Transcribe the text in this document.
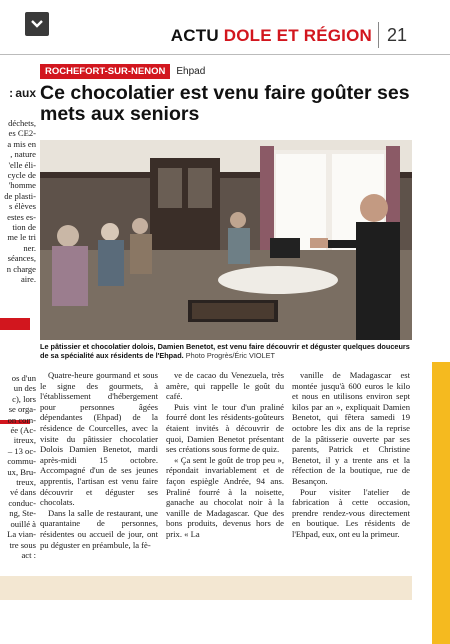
ACTU DOLE ET RÉGION 21
: aux
déchets,
es CE2-
a mis en
, nature
'elle éli-
cycle de
'homme
de plasti-
s élèves
estes es-
tion de
me le tri
ner.
séances,
n charge
aire.
os d'un
un des
c), lors
se orga-
on com-
ée (Ac-
itreux,
– 13 oc-
commu-
ux, Bru-
treux,
vé dans
conduc-
ng, Ste-
ouillé à
La vian-
tre sous
act :
ROCHEFORT-SUR-NENON	Ehpad
Ce chocolatier est venu faire goûter ses mets aux seniors
Le pâtissier et chocolatier dolois, Damien Benetot, est venu faire découvrir et déguster quelques douceurs de sa spécialité aux résidents de l'Ehpad. Photo Progrès/Éric VIOLET

Quatre-heure gourmand et sous le signe des gourmets, à l'établissement d'hébergement pour personnes âgées dépendantes (Ehpad) de la résidence de Courcelles, avec la visite du pâtissier chocolatier Dolois Damien Benetot, mardi après-midi 15 octobre. Accompagné d'un de ses jeunes apprentis, l'artisan est venu faire découvrir et déguster ses chocolats.

Dans la salle de restaurant, une quarantaine de personnes, résidentes ou accueil de jour, ont pu déguster en préambule, la fè-

ve de cacao du Venezuela, très amère, qui rappelle le goût du café.

Puis vint le tour d'un praliné fourré dont les résidents-goûteurs étaient invités à découvrir de quoi, Damien Benetot présentant ses créations sous forme de quiz.

« Ça sent le goût de trop peu », répondait invariablement et de façon espiègle Andrée, 94 ans. Praliné fourré à la noisette, ganache au chocolat noir à la vanille de Madagascar. Que des bons produits, devenus hors de prix. « La

vanille de Madagascar est montée jusqu'à 600 euros le kilo et nous en utilisons environ sept kilos par an », expliquait Damien Benetot, qui fêtera samedi 19 octobre les dix ans de la reprise de la pâtisserie ouverte par ses parents, Patrick et Christine Benetot, il y a trente ans et la réfection de la boutique, rue de Besançon.

Pour visiter l'atelier de fabrication à cette occasion, prendre rendez-vous directement en boutique. Les résidents de l'Ehpad, eux, ont eu la primeur.
